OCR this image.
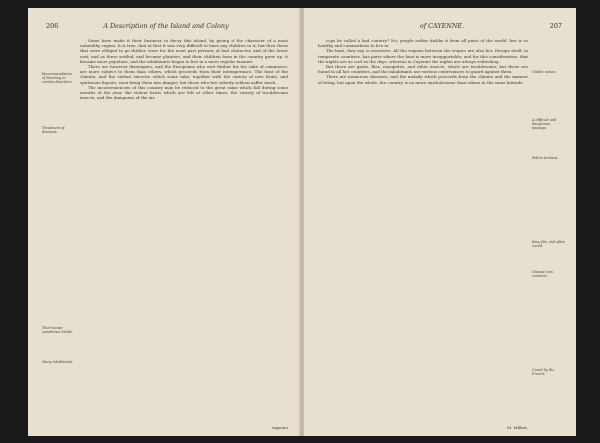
206	A Description of the Island and Colony
Recommendation of bleeding in certain disorders.
Treatment of diseases.
Their bones sometimes brittle.
Many inhabitants.

Some have made it their business to decry this island, by giving it the character of a most unhealthy region. It is true, that at first it was very difficult to have any children in it; but then those that were obliged to go thither, were for the most part persons of bad character, and of the lower sort; and as these settled, and became planters, and their children born in the country grew up, it became more populous, and the inhabitants began to live in a more regular manner.

There are however distempers, and the Europeans who visit thither for the sake of commerce, are more subject to them than others, which proceeds from their intemperance. The heat of the climate, and the violent exercise which some take, together with the variety of new fruits, and spirituous liquors, soon bring them into danger; but those who live soberly seldom suffer much.

The inconveniencies of this country may be reduced to the great rains which fall during some months of the year, the violent heats which are felt at other times, the variety of troublesome insects, and the dampness of the air.

vapours
of CAYENNE.	207
Visible noises.
A difficult and dangerous passage.
Febris tertiana.
Easy fits, and often cured.
Disease less common.
Cured by the French.

ccps be called a bad country? No; people rather dislike it from all parts of the world, few is so healthy and commodious to live in.

The heat, they say, is excessive. All the regions between the tropics are also hot. Europe itself, in temperate countries, has parts where the heat is more insupportable; and for this consideration, that the nights are as cool as the days, whereas in Cayenne the nights are always refreshing.

But there are gnats, flies, musquitos, and other insects, which are troublesome; but these are found in all hot countries, and the inhabitants use various contrivances to guard against them.

There are numerous diseases, and the malady which proceeds from the climate and the manner of living, but upon the whole, the country is no more unwholesome than others in the same latitude.

M. Milhet,
